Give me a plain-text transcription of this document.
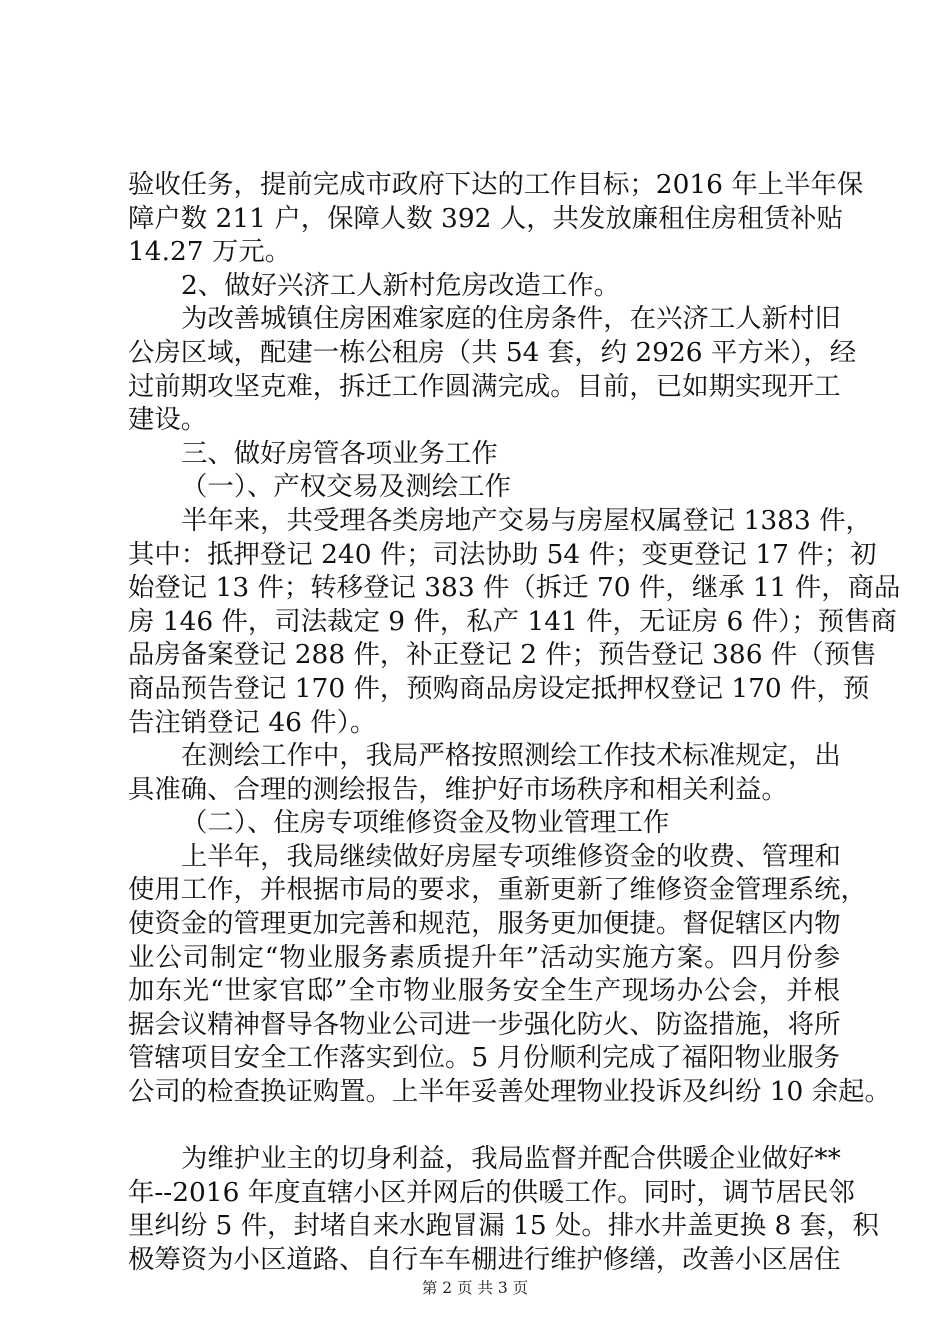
验收任务，提前完成市政府下达的工作目标；2016 年上半年保
障户数 211 户，保障人数 392 人，共发放廉租住房租赁补贴
14.27 万元。
2、做好兴济工人新村危房改造工作。
为改善城镇住房困难家庭的住房条件，在兴济工人新村旧
公房区域，配建一栋公租房（共 54 套，约 2926 平方米），经
过前期攻坚克难，拆迁工作圆满完成。目前，已如期实现开工
建设。
三、做好房管各项业务工作
（一）、产权交易及测绘工作
半年来，共受理各类房地产交易与房屋权属登记 1383 件，
其中：抵押登记 240 件；司法协助 54 件；变更登记 17 件；初
始登记 13 件；转移登记 383 件（拆迁 70 件，继承 11 件，商品
房 146 件，司法裁定 9 件，私产 141 件，无证房 6 件）；预售商
品房备案登记 288 件，补正登记 2 件；预告登记 386 件（预售
商品预告登记 170 件，预购商品房设定抵押权登记 170 件，预
告注销登记 46 件）。
在测绘工作中，我局严格按照测绘工作技术标准规定，出
具准确、合理的测绘报告，维护好市场秩序和相关利益。
（二）、住房专项维修资金及物业管理工作
上半年，我局继续做好房屋专项维修资金的收费、管理和
使用工作，并根据市局的要求，重新更新了维修资金管理系统，
使资金的管理更加完善和规范，服务更加便捷。督促辖区内物
业公司制定“物业服务素质提升年”活动实施方案。四月份参
加东光“世家官邸”全市物业服务安全生产现场办公会，并根
据会议精神督导各物业公司进一步强化防火、防盗措施，将所
管辖项目安全工作落实到位。5 月份顺利完成了福阳物业服务
公司的检查换证购置。上半年妥善处理物业投诉及纠纷 10 余起。
为维护业主的切身利益，我局监督并配合供暖企业做好**
年--2016 年度直辖小区并网后的供暖工作。同时，调节居民邻
里纠纷 5 件，封堵自来水跑冒漏 15 处。排水井盖更换 8 套，积
极筹资为小区道路、自行车车棚进行维护修缮，改善小区居住
第 2 页 共 3 页
